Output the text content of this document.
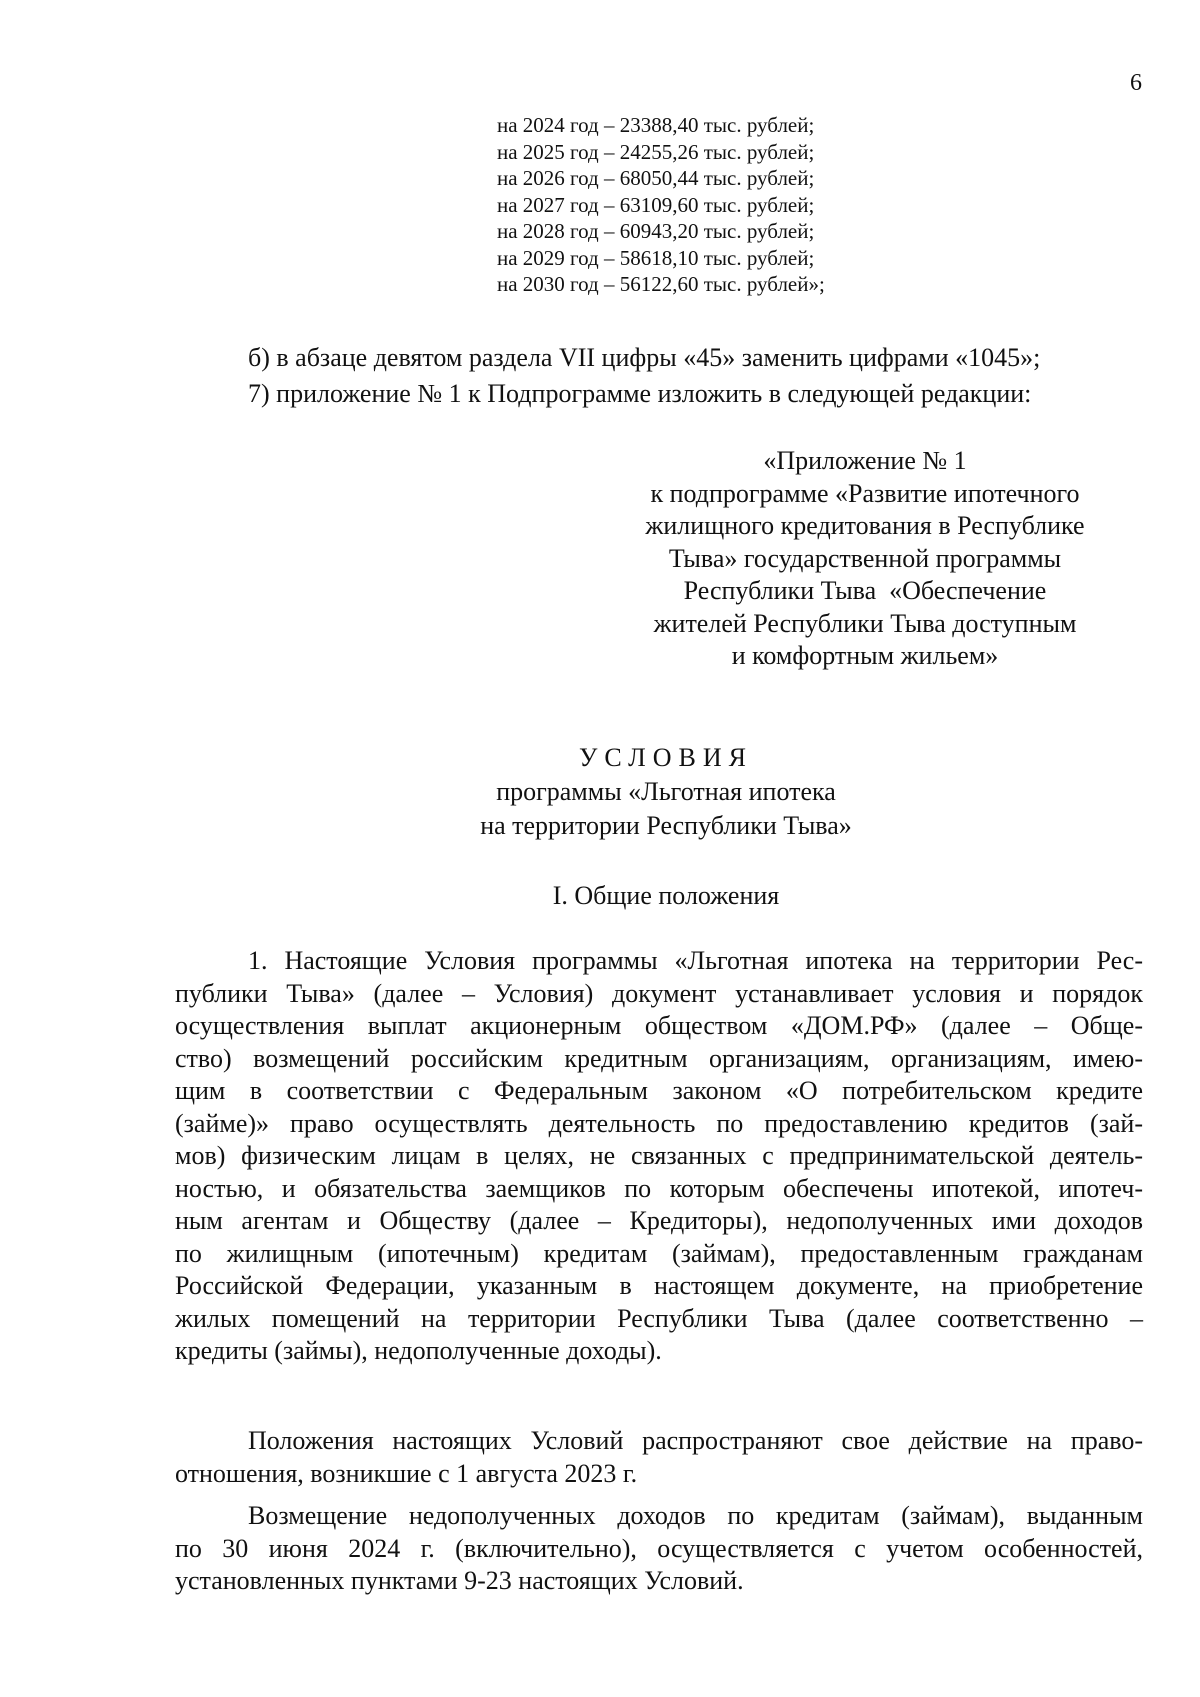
6
на 2024 год – 23388,40 тыс. рублей;
на 2025 год – 24255,26 тыс. рублей;
на 2026 год – 68050,44 тыс. рублей;
на 2027 год – 63109,60 тыс. рублей;
на 2028 год – 60943,20 тыс. рублей;
на 2029 год – 58618,10 тыс. рублей;
на 2030 год – 56122,60 тыс. рублей»;
б) в абзаце девятом раздела VII цифры «45» заменить цифрами «1045»;
7) приложение № 1 к Подпрограмме изложить в следующей редакции:
«Приложение № 1
к подпрограмме «Развитие ипотечного
жилищного кредитования в Республике
Тыва» государственной программы
Республики Тыва  «Обеспечение
жителей Республики Тыва доступным
и комфортным жильем»
УСЛОВИЯ
программы «Льготная ипотека
на территории Республики Тыва»
I. Общие положения
1. Настоящие Условия программы «Льготная ипотека на территории Рес-
публики Тыва» (далее – Условия) документ устанавливает условия и порядок
осуществления выплат акционерным обществом «ДОМ.РФ» (далее – Обще-
ство) возмещений российским кредитным организациям, организациям, имею-
щим в соответствии с Федеральным законом «О потребительском кредите
(займе)» право осуществлять деятельность по предоставлению кредитов (зай-
мов) физическим лицам в целях, не связанных с предпринимательской деятель-
ностью, и обязательства заемщиков по которым обеспечены ипотекой, ипотеч-
ным агентам и Обществу (далее – Кредиторы), недополученных ими доходов
по жилищным (ипотечным) кредитам (займам), предоставленным гражданам
Российской Федерации, указанным в настоящем документе, на приобретение
жилых помещений на территории Республики Тыва (далее соответственно –
кредиты (займы), недополученные доходы).
Положения настоящих Условий распространяют свое действие на право-
отношения, возникшие с 1 августа 2023 г.
Возмещение недополученных доходов по кредитам (займам), выданным
по 30 июня 2024 г. (включительно), осуществляется с учетом особенностей,
установленных пунктами 9-23 настоящих Условий.
